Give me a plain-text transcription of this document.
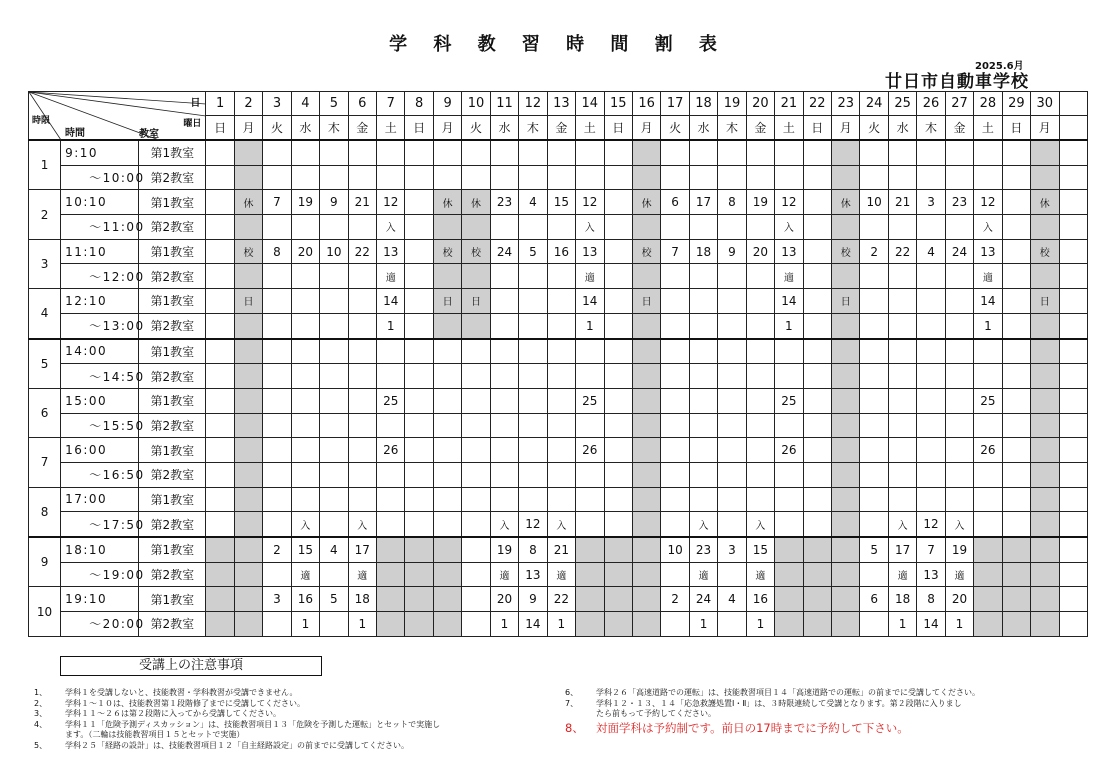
学 科 教 習 時 間 割 表
2025.6月
廿日市自動車学校
日
曜日
時限
時間 教室			1	2	3	4	5	6	7	8	9	10	11	12	13	14	15	16	17	18	19	20	21	22	23	24	25	26	27	28	29	30	
			日	月	火	水	木	金	土	日	月	火	水	木	金	土	日	月	火	水	木	金	土	日	月	火	水	木	金	土	日	月	
1	9:10	第1教室																															
	～10:00	第2教室																															
2	10:10	第1教室		休	7	19	9	21	12		休	休	23	4	15	12		休	6	17	8	19	12		休	10	21	3	23	12		休	
	～11:00	第2教室							入							入							入							入			
3	11:10	第1教室		校	8	20	10	22	13		校	校	24	5	16	13		校	7	18	9	20	13		校	2	22	4	24	13		校	
	～12:00	第2教室							適							適							適							適			
4	12:10	第1教室		日					14		日	日				14		日					14		日					14		日	
	～13:00	第2教室							1							1							1							1			
5	14:00	第1教室																															
	～14:50	第2教室																															
6	15:00	第1教室							25							25							25							25			
	～15:50	第2教室																															
7	16:00	第1教室							26							26							26							26			
	～16:50	第2教室																															
8	17:00	第1教室																															
	～17:50	第2教室				入		入					入	12	入					入		入					入	12	入				
9	18:10	第1教室			2	15	4	17					19	8	21				10	23	3	15				5	17	7	19				
	～19:00	第2教室				適		適					適	13	適					適		適					適	13	適				
10	19:10	第1教室			3	16	5	18					20	9	22				2	24	4	16				6	18	8	20				
	～20:00	第2教室				1		1					1	14	1					1		1					1	14	1				
受講上の注意事項
1、 学科１を受講しないと、技能教習・学科教習が受講できません。
2、 学科１～１０は、技能教習第１段階修了までに受講してください。
3、 学科１１～２６は第２段階に入ってから受講してください。
4、 学科１１「危険予測ディスカッション」は、技能教習項目１３「危険を予測した運転」とセットで実施し
ます。（二輪は技能教習項目１５とセットで実施）
5、 学科２５「経路の設計」は、技能教習項目１２「自主経路設定」の前までに受講してください。
6、 学科２６「高速道路での運転」は、技能教習項目１４「高速道路での運転」の前までに受講してください。
7、 学科１２・１３、１４「応急救護処置Ⅰ・Ⅱ」は、３時限連続して受講となります。第２段階に入りまし
たら前もって予約してください。
8、 対面学科は予約制です。前日の17時までに予約して下さい。
